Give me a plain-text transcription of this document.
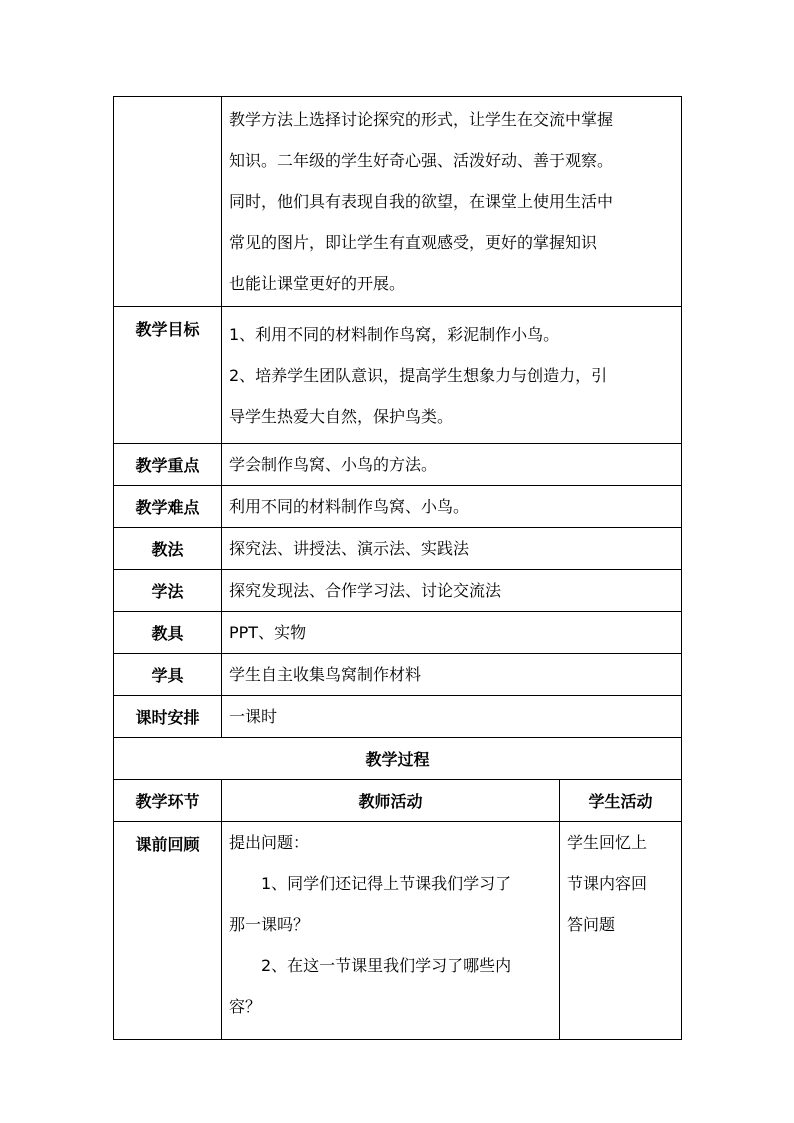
	教学方法上选择讨论探究的形式，让学生在交流中掌握
知识。二年级的学生好奇心强、活泼好动、善于观察。
同时，他们具有表现自我的欲望，在课堂上使用生活中
常见的图片，即让学生有直观感受，更好的掌握知识
也能让课堂更好的开展。	

教学目标	1、利用不同的材料制作鸟窝，彩泥制作小鸟。
2、培养学生团队意识，提高学生想象力与创造力，引
导学生热爱大自然，保护鸟类。	

教学重点	学会制作鸟窝、小鸟的方法。	
教学难点	利用不同的材料制作鸟窝、小鸟。	
教法	探究法、讲授法、演示法、实践法	
学法	探究发现法、合作学习法、讨论交流法	
教具	PPT、实物	
学具	学生自主收集鸟窝制作材料	
课时安排	一课时	
教学过程		
教学环节	教师活动	学生活动
课前回顾	提出问题：
1、同学们还记得上节课我们学习了
那一课吗？
2、在这一节课里我们学习了哪些内
容？	学生回忆上
节课内容回
答问题
